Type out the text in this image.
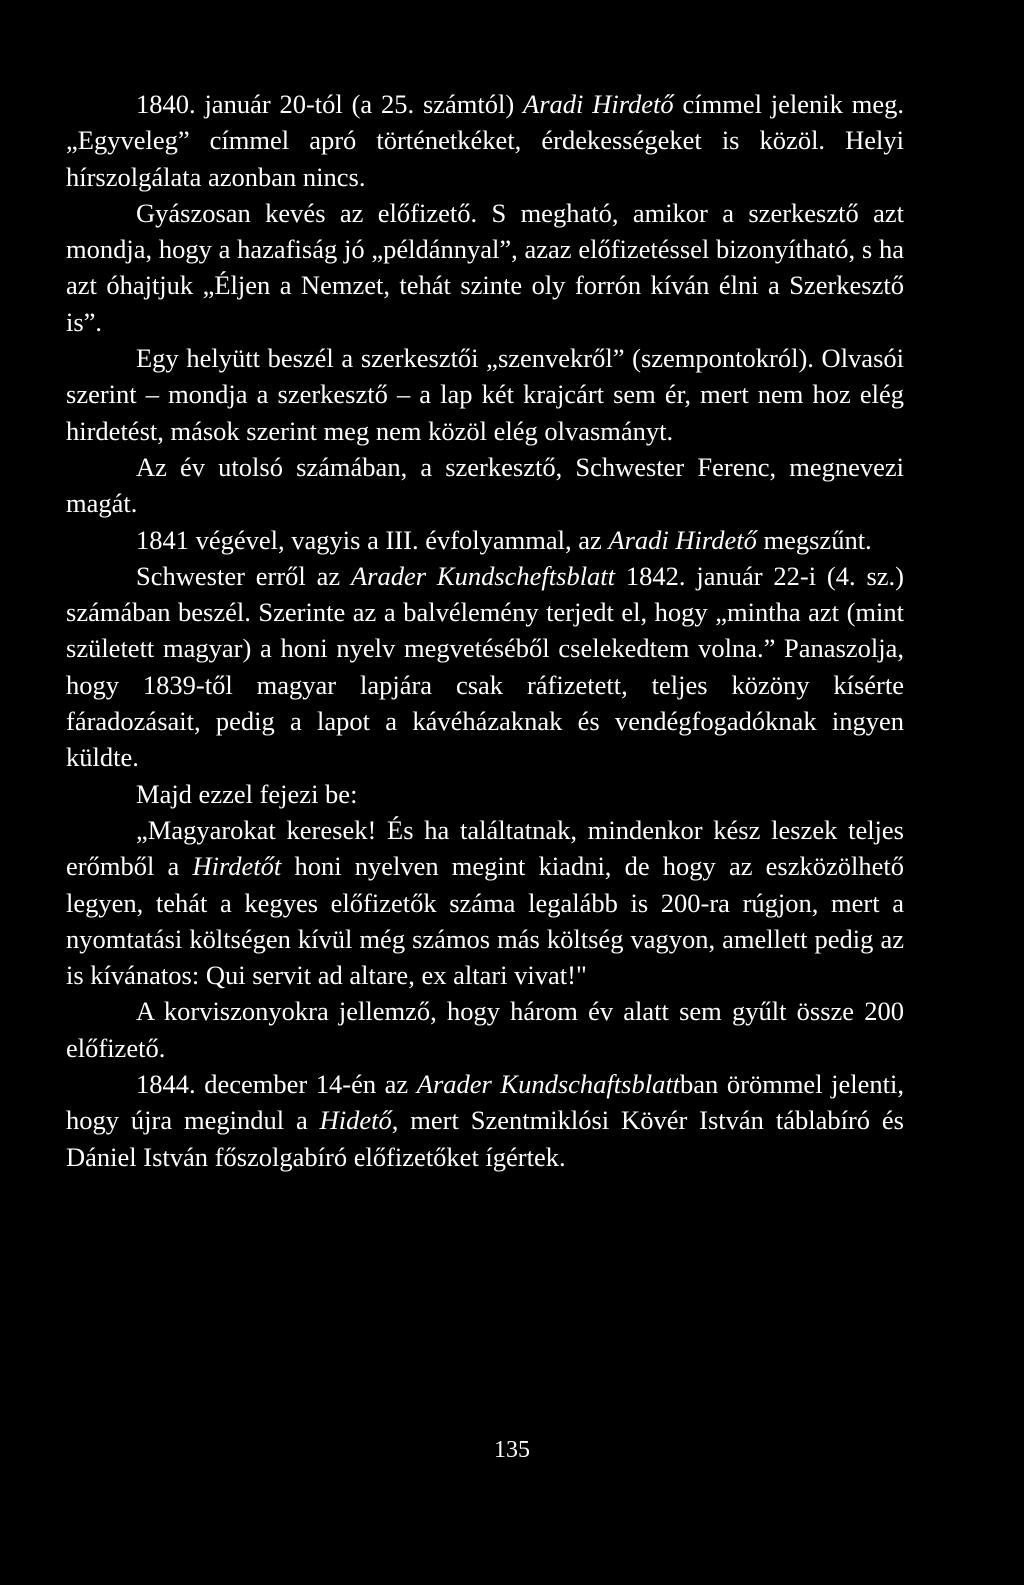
1840. január 20-tól (a 25. számtól) Aradi Hirdető címmel jelenik meg. „Egyveleg” címmel apró történetkéket, érdekességeket is közöl. Helyi hírszolgálata azonban nincs.

Gyászosan kevés az előfizető. S megható, amikor a szerkesztő azt mondja, hogy a hazafiság jó „példánnyal”, azaz előfizetéssel bizonyítható, s ha azt óhajtjuk „Éljen a Nemzet, tehát szinte oly forrón kíván élni a Szerkesztő is”.

Egy helyütt beszél a szerkesztői „szenvekről” (szempontokról). Olvasói szerint – mondja a szerkesztő – a lap két krajcárt sem ér, mert nem hoz elég hirdetést, mások szerint meg nem közöl elég olvasmányt.

Az év utolsó számában, a szerkesztő, Schwester Ferenc, megnevezi magát.

1841 végével, vagyis a III. évfolyammal, az Aradi Hirdető megszűnt.

Schwester erről az Arader Kundscheftsblatt 1842. január 22-i (4. sz.) számában beszél. Szerinte az a balvélemény terjedt el, hogy „mintha azt (mint született magyar) a honi nyelv megvetéséből cselekedtem volna.” Panaszolja, hogy 1839-től magyar lapjára csak ráfizetett, teljes közöny kísérte fáradozásait, pedig a lapot a kávéházaknak és vendégfogadóknak ingyen küldte.

Majd ezzel fejezi be:

„Magyarokat keresek! És ha találtatnak, mindenkor kész leszek teljes erőmből a Hirdetőt honi nyelven megint kiadni, de hogy az eszközölhető legyen, tehát a kegyes előfizetők száma legalább is 200-ra rúgjon, mert a nyomtatási költségen kívül még számos más költség vagyon, amellett pedig az is kívánatos: Qui servit ad altare, ex altari vivat!"

A korviszonyokra jellemző, hogy három év alatt sem gyűlt össze 200 előfizető.

1844. december 14-én az Arader Kundschaftsblattban örömmel jelenti, hogy újra megindul a Hidető, mert Szentmiklósi Kövér István táblabíró és Dániel István főszolgabíró előfizetőket ígértek.

135
